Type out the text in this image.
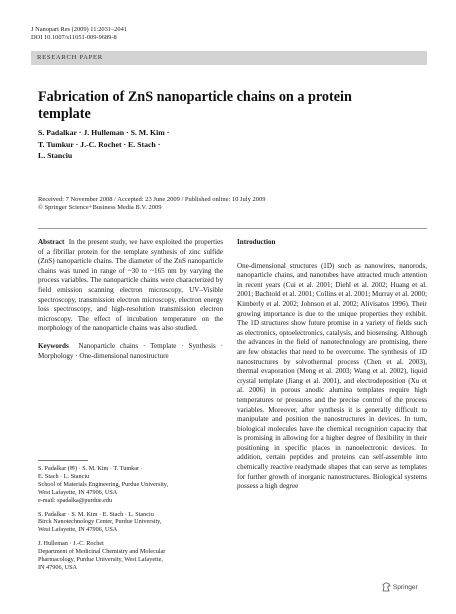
J Nanopart Res (2009) 11:2031–2041
DOI 10.1007/s11051-009-9689-8
RESEARCH PAPER
Fabrication of ZnS nanoparticle chains on a protein template
S. Padalkar · J. Hulleman · S. M. Kim ·
T. Tumkur · J.-C. Rochet · E. Stach ·
L. Stanciu
Received: 7 November 2008 / Accepted: 23 June 2009 / Published online: 10 July 2009
© Springer Science+Business Media B.V. 2009
Abstract In the present study, we have exploited the properties of a fibrillar protein for the template synthesis of zinc sulfide (ZnS) nanoparticle chains. The diameter of the ZnS nanoparticle chains was tuned in range of ~30 to ~165 nm by varying the process variables. The nanoparticle chains were characterized by field emission scanning electron microscopy, UV–Visible spectroscopy, transmission electron microscopy, electron energy loss spectroscopy, and high-resolution transmission electron microscopy. The effect of incubation temperature on the morphology of the nanoparticle chains was also studied.
Keywords Nanoparticle chains · Template · Synthesis · Morphology · One-dimensional nanostructure
S. Padalkar (✉) · S. M. Kim · T. Tumkar ·
E. Stach · L. Stanciu
School of Materials Engineering, Purdue University,
West Lafayette, IN 47906, USA
e-mail: spadalka@purdue.edu
S. Padalkar · S. M. Kim · E. Stach · L. Stanciu
Birck Nanotechnology Center, Purdue University,
West Lafayette, IN 47906, USA
J. Hulleman · J.-C. Rochet
Department of Medicinal Chemistry and Molecular
Pharmacology, Purdue University, West Lafayette,
IN 47906, USA
Introduction
One-dimensional structures (1D) such as nanowires, nanorods, nanoparticle chains, and nanotubes have attracted much attention in recent years (Cui et al. 2001; Diehl et al. 2002; Huang et al. 2001; Bachtold et al. 2001; Collins et al. 2001; Murray et al. 2000; Kimberly et al. 2002; Johnson et al. 2002; Alivisatos 1996). Their growing importance is due to the unique properties they exhibit. The 1D structures show future promise in a variety of fields such as electronics, optoelectronics, catalysis, and biosensing. Although the advances in the field of nanotechnology are promising, there are few obstacles that need to be overcome. The synthesis of 1D nanostructures by solvothermal process (Chen et al. 2003), thermal evaporation (Meng et al. 2003; Wang et al. 2002), liquid crystal template (Jiang et al. 2001), and electrodeposition (Xu et al. 2006) in porous anodic alumina templates require high temperatures or pressures and the precise control of the process variables. Moreover, after synthesis it is generally difficult to manipulate and position the nanostructures in devices. In turn, biological molecules have the chemical recognition capacity that is promising in allowing for a higher degree of flexibility in their positioning in specific places in nanoelectronic devices. In addition, certain peptides and proteins can self-assemble into chemically reactive readymade shapes that can serve as templates for further growth of inorganic nanostructures. Biological systems possess a high degree
Springer
